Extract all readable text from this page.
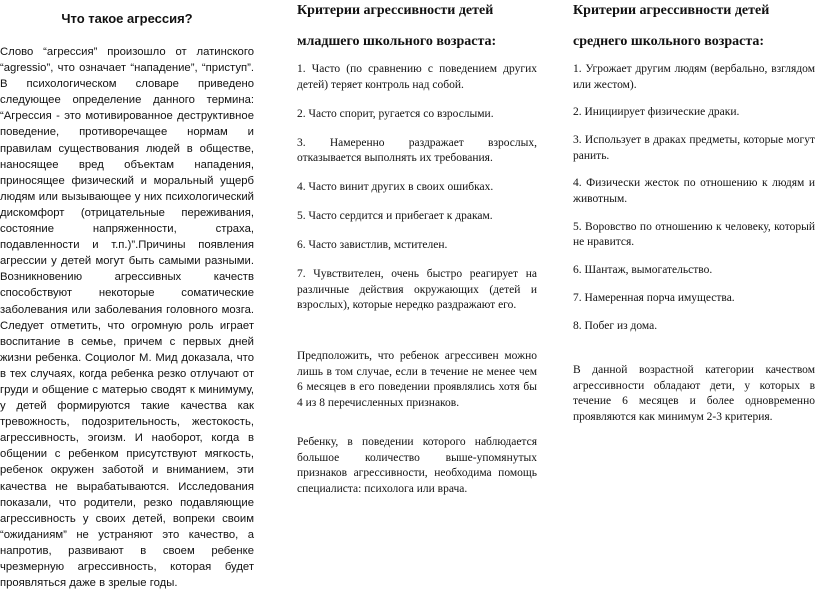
Что такое агрессия?
Слово “агрессия” произошло от латинского “agressio”, что означает “нападение”, “приступ”. В психологическом словаре приведено следующее определение данного термина: “Агрессия - это мотивированное деструктивное поведение, противоречащее нормам и правилам существования людей в обществе, наносящее вред объектам нападения, приносящее физический и моральный ущерб людям или вызывающее у них психологический дискомфорт (отрицательные переживания, состояние напряженности, страха, подавленности и т.п.)”.Причины появления агрессии у детей могут быть самыми разными. Возникновению агрессивных качеств способствуют некоторые соматические заболевания или заболевания головного мозга. Следует отметить, что огромную роль играет воспитание в семье, причем с первых дней жизни ребенка. Социолог М. Мид доказала, что в тех случаях, когда ребенка резко отлучают от груди и общение с матерью сводят к минимуму, у детей формируются такие качества как тревожность, подозрительность, жестокость, агрессивность, эгоизм. И наоборот, когда в общении с ребенком присутствуют мягкость, ребенок окружен заботой и вниманием, эти качества не вырабатываются. Исследования показали, что родители, резко подавляющие агрессивность у своих детей, вопреки своим “ожиданиям” не устраняют это качество, а напротив, развивают в своем ребенке чрезмерную агрессивность, которая будет проявляться даже в зрелые годы.
Критерии агрессивности детей
младшего школьного возраста:
1. Часто (по сравнению с поведением других детей) теряет контроль над собой.
2. Часто спорит, ругается со взрослыми.
3. Намеренно раздражает взрослых, отказывается выполнять их требования.
4. Часто винит других в своих ошибках.
5. Часто сердится и прибегает к дракам.
6. Часто завистлив, мстителен.
7. Чувствителен, очень быстро реагирует на различные действия окружающих (детей и взрослых), которые нередко раздражают его.

Предположить, что ребенок агрессивен можно лишь в том случае, если в течение не менее чем 6 месяцев в его поведении проявлялись хотя бы 4 из 8 перечисленных признаков.

Ребенку, в поведении которого наблюдается большое количество выше-упомянутых признаков агрессивности, необходима помощь специалиста: психолога или врача.

Критерии агрессивности детей
среднего школьного возраста:
1. Угрожает другим людям (вербально, взглядом или жестом).
2. Инициирует физические драки.
3. Использует в драках предметы, которые могут ранить.
4. Физически жесток по отношению к людям и животным.
5. Воровство по отношению к человеку, который не нравится.
6. Шантаж, вымогательство.
7. Намеренная порча имущества.
8. Побег из дома.

В данной возрастной категории качеством агрессивности обладают дети, у которых в течение 6 месяцев и более одновременно проявляются как минимум 2-3 критерия.
